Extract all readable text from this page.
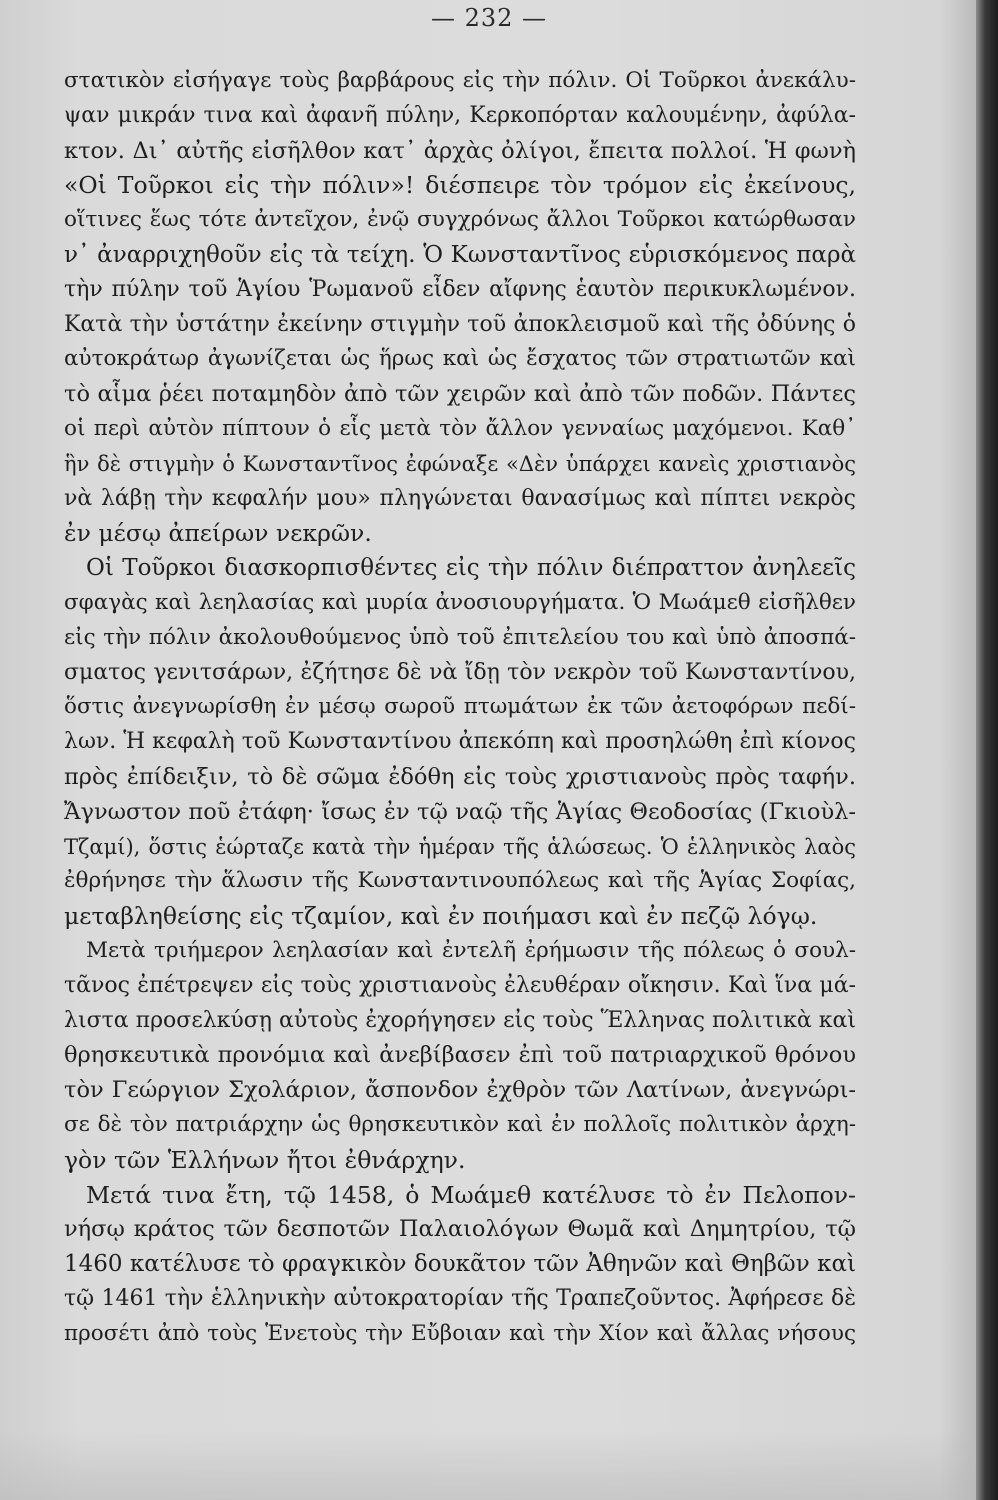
— 232 —
στατικὸν εἰσήγαγε τοὺς βαρβάρους εἰς τὴν πόλιν. Οἱ Τοῦρκοι ἀνεκάλυ-
ψαν μικράν τινα καὶ ἀφανῆ πύλην, Κερκοπόρταν καλουμένην, ἀφύλα-
κτον. Δι᾽ αὐτῆς εἰσῆλθον κατ᾽ ἀρχὰς ὀλίγοι, ἔπειτα πολλοί. Ἡ φωνὴ
«Οἱ Τοῦρκοι εἰς τὴν πόλιν»! διέσπειρε τὸν τρόμον εἰς ἐκείνους,
οἵτινες ἕως τότε ἀντεῖχον, ἐνῷ συγχρόνως ἄλλοι Τοῦρκοι κατώρθωσαν
ν᾽ ἀναρριχηθοῦν εἰς τὰ τείχη. Ὁ Κωνσταντῖνος εὑρισκόμενος παρὰ
τὴν πύλην τοῦ Ἁγίου Ῥωμανοῦ εἶδεν αἴφνης ἑαυτὸν περικυκλωμένον.
Κατὰ τὴν ὑστάτην ἐκείνην στιγμὴν τοῦ ἀποκλεισμοῦ καὶ τῆς ὀδύνης ὁ
αὐτοκράτωρ ἀγωνίζεται ὡς ἥρως καὶ ὡς ἔσχατος τῶν στρατιωτῶν καὶ
τὸ αἷμα ῥέει ποταμηδὸν ἀπὸ τῶν χειρῶν καὶ ἀπὸ τῶν ποδῶν. Πάντες
οἱ περὶ αὐτὸν πίπτουν ὁ εἷς μετὰ τὸν ἄλλον γενναίως μαχόμενοι. Καθ᾽
ἣν δὲ στιγμὴν ὁ Κωνσταντῖνος ἐφώναξε «Δὲν ὑπάρχει κανεὶς χριστιανὸς
νὰ λάβῃ τὴν κεφαλήν μου» πληγώνεται θανασίμως καὶ πίπτει νεκρὸς
ἐν μέσῳ ἀπείρων νεκρῶν.
Οἱ Τοῦρκοι διασκορπισθέντες εἰς τὴν πόλιν διέπραττον ἀνηλεεῖς
σφαγὰς καὶ λεηλασίας καὶ μυρία ἀνοσιουργήματα. Ὁ Μωάμεθ εἰσῆλθεν
εἰς τὴν πόλιν ἀκολουθούμενος ὑπὸ τοῦ ἐπιτελείου του καὶ ὑπὸ ἀποσπά-
σματος γενιτσάρων, ἐζήτησε δὲ νὰ ἴδῃ τὸν νεκρὸν τοῦ Κωνσταντίνου,
ὅστις ἀνεγνωρίσθη ἐν μέσῳ σωροῦ πτωμάτων ἐκ τῶν ἀετοφόρων πεδί-
λων. Ἡ κεφαλὴ τοῦ Κωνσταντίνου ἀπεκόπη καὶ προσηλώθη ἐπὶ κίονος
πρὸς ἐπίδειξιν, τὸ δὲ σῶμα ἐδόθη εἰς τοὺς χριστιανοὺς πρὸς ταφήν.
Ἄγνωστον ποῦ ἐτάφη· ἴσως ἐν τῷ ναῷ τῆς Ἁγίας Θεοδοσίας (Γκιοὺλ-
Τζαμί), ὅστις ἑώρταζε κατὰ τὴν ἡμέραν τῆς ἁλώσεως. Ὁ ἑλληνικὸς λαὸς
ἐθρήνησε τὴν ἅλωσιν τῆς Κωνσταντινουπόλεως καὶ τῆς Ἁγίας Σοφίας,
μεταβληθείσης εἰς τζαμίον, καὶ ἐν ποιήμασι καὶ ἐν πεζῷ λόγῳ.
Μετὰ τριήμερον λεηλασίαν καὶ ἐντελῆ ἐρήμωσιν τῆς πόλεως ὁ σουλ-
τᾶνος ἐπέτρεψεν εἰς τοὺς χριστιανοὺς ἐλευθέραν οἴκησιν. Καὶ ἵνα μά-
λιστα προσελκύσῃ αὐτοὺς ἐχορήγησεν εἰς τοὺς Ἕλληνας πολιτικὰ καὶ
θρησκευτικὰ προνόμια καὶ ἀνεβίβασεν ἐπὶ τοῦ πατριαρχικοῦ θρόνου
τὸν Γεώργιον Σχολάριον, ἄσπονδον ἐχθρὸν τῶν Λατίνων, ἀνεγνώρι-
σε δὲ τὸν πατριάρχην ὡς θρησκευτικὸν καὶ ἐν πολλοῖς πολιτικὸν ἀρχη-
γὸν τῶν Ἑλλήνων ἤτοι ἐθνάρχην.
Μετά τινα ἔτη, τῷ 1458, ὁ Μωάμεθ κατέλυσε τὸ ἐν Πελοπον-
νήσῳ κράτος τῶν δεσποτῶν Παλαιολόγων Θωμᾶ καὶ Δημητρίου, τῷ
1460 κατέλυσε τὸ φραγκικὸν δουκᾶτον τῶν Ἀθηνῶν καὶ Θηβῶν καὶ
τῷ 1461 τὴν ἑλληνικὴν αὐτοκρατορίαν τῆς Τραπεζοῦντος. Ἀφήρεσε δὲ
προσέτι ἀπὸ τοὺς Ἑνετοὺς τὴν Εὔβοιαν καὶ τὴν Χίον καὶ ἄλλας νήσους
